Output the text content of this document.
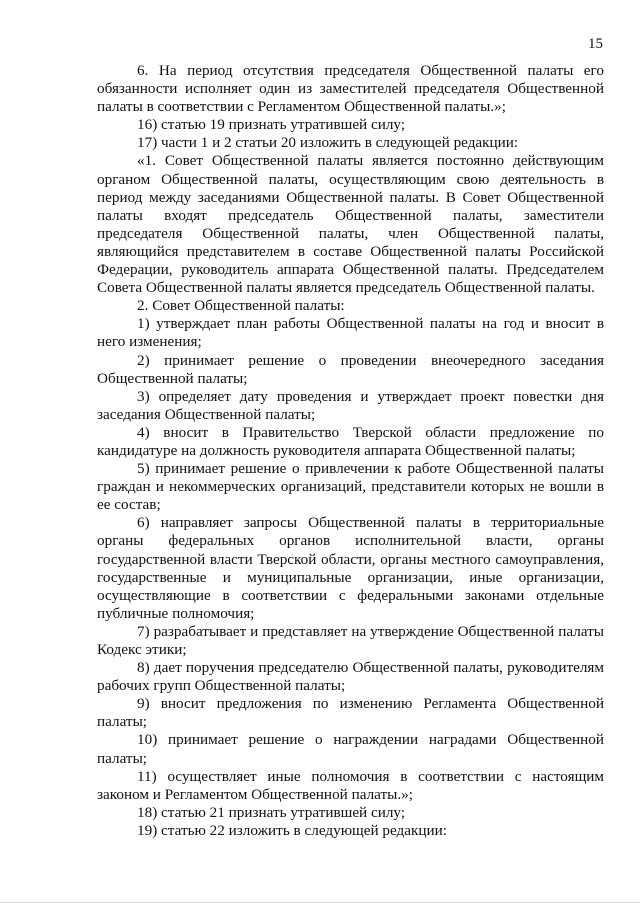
15

6. На период отсутствия председателя Общественной палаты его обязанности исполняет один из заместителей председателя Общественной палаты в соответствии с Регламентом Общественной палаты.»;

16) статью 19 признать утратившей силу;

17) части 1 и 2 статьи 20 изложить в следующей редакции:

«1. Совет Общественной палаты является постоянно действующим органом Общественной палаты, осуществляющим свою деятельность в период между заседаниями Общественной палаты. В Совет Общественной палаты входят председатель Общественной палаты, заместители председателя Общественной палаты, член Общественной палаты, являющийся представителем в составе Общественной палаты Российской Федерации, руководитель аппарата Общественной палаты. Председателем Совета Общественной палаты является председатель Общественной палаты.

2. Совет Общественной палаты:

1) утверждает план работы Общественной палаты на год и вносит в него изменения;

2) принимает решение о проведении внеочередного заседания Общественной палаты;

3) определяет дату проведения и утверждает проект повестки дня заседания Общественной палаты;

4) вносит в Правительство Тверской области предложение по кандидатуре на должность руководителя аппарата Общественной палаты;

5) принимает решение о привлечении к работе Общественной палаты граждан и некоммерческих организаций, представители которых не вошли в ее состав;

6) направляет запросы Общественной палаты в территориальные органы федеральных органов исполнительной власти, органы государственной власти Тверской области, органы местного самоуправления, государственные и муниципальные организации, иные организации, осуществляющие в соответствии с федеральными законами отдельные публичные полномочия;

7) разрабатывает и представляет на утверждение Общественной палаты Кодекс этики;

8) дает поручения председателю Общественной палаты, руководителям рабочих групп Общественной палаты;

9) вносит предложения по изменению Регламента Общественной палаты;

10) принимает решение о награждении наградами Общественной палаты;

11) осуществляет иные полномочия в соответствии с настоящим законом и Регламентом Общественной палаты.»;

18) статью 21 признать утратившей силу;

19) статью 22 изложить в следующей редакции:
